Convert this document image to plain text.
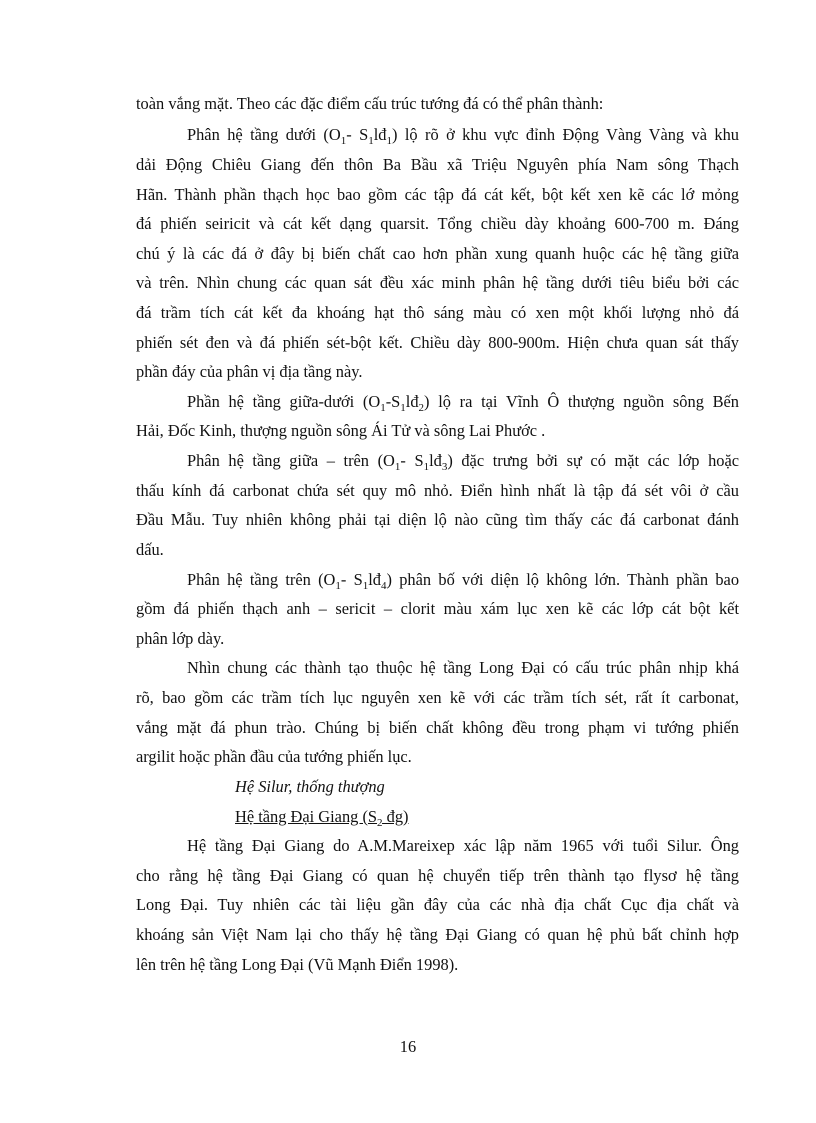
toàn vắng mặt. Theo các đặc điểm cấu trúc tướng đá có thể phân thành:
Phân hệ tầng dưới ($O_1-$ $S_1lđ_1$) lộ rõ ở khu vực đỉnh Động Vàng Vàng và khu
dải Động Chiêu Giang đến thôn Ba Bầu xã Triệu Nguyên phía Nam sông Thạch
Hãn. Thành phần thạch học bao gồm các tập đá cát kết, bột kết xen kẽ các lớ mỏng
đá phiến seiricit và cát kết dạng quarsit. Tổng chiều dày khoảng 600-700 m. Đáng
chú ý là các đá ở đây bị biến chất cao hơn phần xung quanh huộc các hệ tầng giữa
và trên. Nhìn chung các quan sát đều xác minh phân hệ tầng dưới tiêu biểu bởi các
đá trầm tích cát kết đa khoáng hạt thô sáng màu có xen một khối lượng nhỏ đá
phiến sét đen và đá phiến sét-bột kết. Chiều dày 800-900m. Hiện chưa quan sát thấy
phần đáy của phân vị địa tầng này.
Phần hệ tầng giữa-dưới $(O_1-S_1lđ_2)$ lộ ra tại Vĩnh Ô thượng nguồn sông Bến
Hải, Đốc Kinh, thượng nguồn sông Ái Tử và sông Lai Phước .
Phân hệ tầng giữa – trên ($O_1-$ $S_1lđ_3$) đặc trưng bởi sự có mặt các lớp hoặc
thấu kính đá carbonat chứa sét quy mô nhỏ. Điển hình nhất là tập đá sét vôi ở cầu
Đầu Mẫu. Tuy nhiên không phải tại diện lộ nào cũng tìm thấy các đá carbonat đánh
dấu.
Phân hệ tầng trên ($O_1-$ $S_1lđ_4$) phân bố với diện lộ không lớn. Thành phần bao
gồm đá phiến thạch anh – sericit – clorit màu xám lục xen kẽ các lớp cát bột kết
phân lớp dày.
Nhìn chung các thành tạo thuộc hệ tầng Long Đại có cấu trúc phân nhịp khá
rõ, bao gồm các trầm tích lục nguyên xen kẽ với các trầm tích sét, rất ít carbonat,
vắng mặt đá phun trào. Chúng bị biến chất không đều trong phạm vi tướng phiến
argilit hoặc phần đầu của tướng phiến lục.
Hệ Silur, thống thượng
Hệ tầng Đại Giang ($S_2$ đg)
Hệ tầng Đại Giang do A.M.Mareixep xác lập năm 1965 với tuổi Silur. Ông
cho rằng hệ tầng Đại Giang có quan hệ chuyển tiếp trên thành tạo flysơ hệ tầng
Long Đại. Tuy nhiên các tài liệu gần đây của các nhà địa chất Cục địa chất và
khoáng sản Việt Nam lại cho thấy hệ tầng Đại Giang có quan hệ phủ bất chỉnh hợp
lên trên hệ tầng Long Đại (Vũ Mạnh Điển 1998).
16
